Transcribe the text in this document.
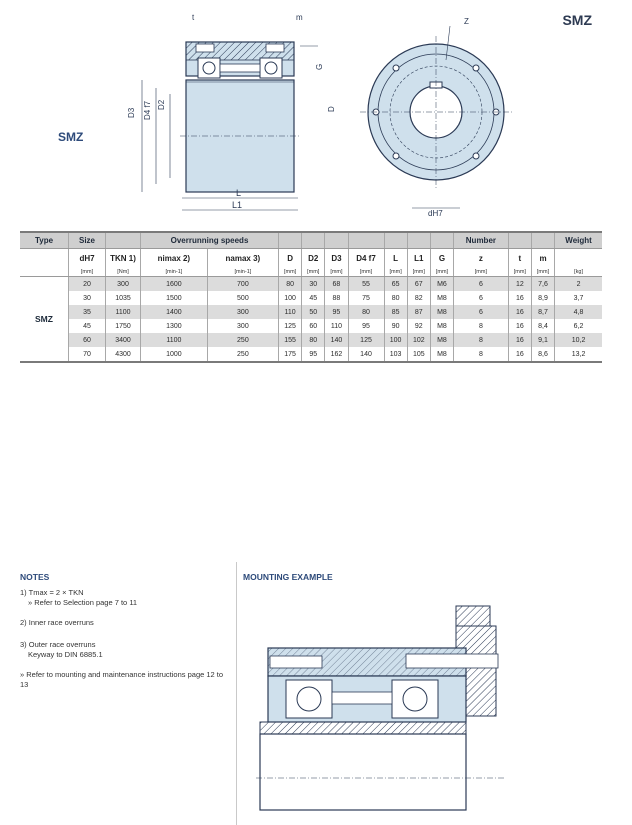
SMZ
SMZ
L
L1
D3 D4 f7 D2
t	m
G
D
Z
dH7
Type	Size		Overrunning speeds									Number			Weight
	dH7	TKN 1)	nimax 2)	namax 3)	D	D2	D3	D4 f7	L	L1	G	z	t	m	
	[mm]	[Nm]	[min-1]	[min-1]	[mm]	[mm]	[mm]	[mm]	[mm]	[mm]	[mm]	[mm]	[mm]	[mm]	[kg]
SMZ	20	300	1600	700	80	30	68	55	65	67	M6	6	12	7,6	2
	30	1035	1500	500	100	45	88	75	80	82	M8	6	16	8,9	3,7
	35	1100	1400	300	110	50	95	80	85	87	M8	6	16	8,7	4,8
	45	1750	1300	300	125	60	110	95	90	92	M8	8	16	8,4	6,2
	60	3400	1100	250	155	80	140	125	100	102	M8	8	16	9,1	10,2
	70	4300	1000	250	175	95	162	140	103	105	M8	8	16	8,6	13,2
NOTES
1) Tmax = 2 × TKN
» Refer to Selection page 7 to 11
2) Inner race overruns
3) Outer race overruns
Keyway to DIN 6885.1
» Refer to mounting and maintenance instructions page 12 to 13
MOUNTING EXAMPLE
